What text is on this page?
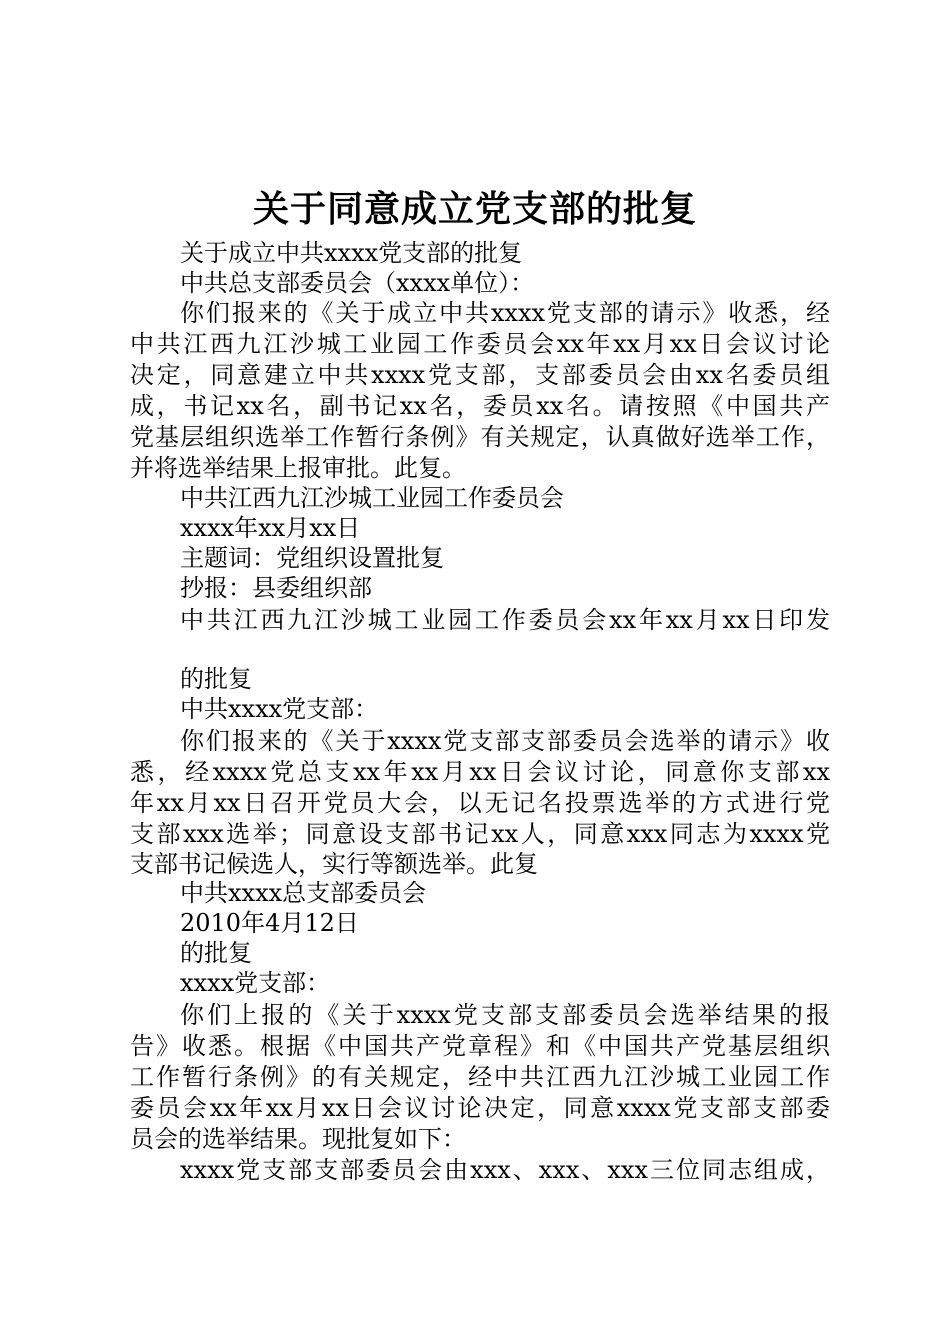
关于同意成立党支部的批复
关于成立中共xxxx党支部的批复
中共总支部委员会（xxxx单位）：
你们报来的《关于成立中共xxxx党支部的请示》收悉，经
中共江西九江沙城工业园工作委员会xx年xx月xx日会议讨论
决定，同意建立中共xxxx党支部，支部委员会由xx名委员组
成，书记xx名，副书记xx名，委员xx名。请按照《中国共产
党基层组织选举工作暂行条例》有关规定，认真做好选举工作，
并将选举结果上报审批。此复。
中共江西九江沙城工业园工作委员会
xxxx年xx月xx日
主题词：党组织设置批复
抄报：县委组织部
中共江西九江沙城工业园工作委员会xx年xx月xx日印发
的批复
中共xxxx党支部：
你们报来的《关于xxxx党支部支部委员会选举的请示》收
悉，经xxxx党总支xx年xx月xx日会议讨论，同意你支部xx
年xx月xx日召开党员大会，以无记名投票选举的方式进行党
支部xxx选举；同意设支部书记xx人，同意xxx同志为xxxx党
支部书记候选人，实行等额选举。此复
中共xxxx总支部委员会
2010年4月12日
的批复
xxxx党支部：
你们上报的《关于xxxx党支部支部委员会选举结果的报
告》收悉。根据《中国共产党章程》和《中国共产党基层组织
工作暂行条例》的有关规定，经中共江西九江沙城工业园工作
委员会xx年xx月xx日会议讨论决定，同意xxxx党支部支部委
员会的选举结果。现批复如下：
xxxx党支部支部委员会由xxx、xxx、xxx三位同志组成，
